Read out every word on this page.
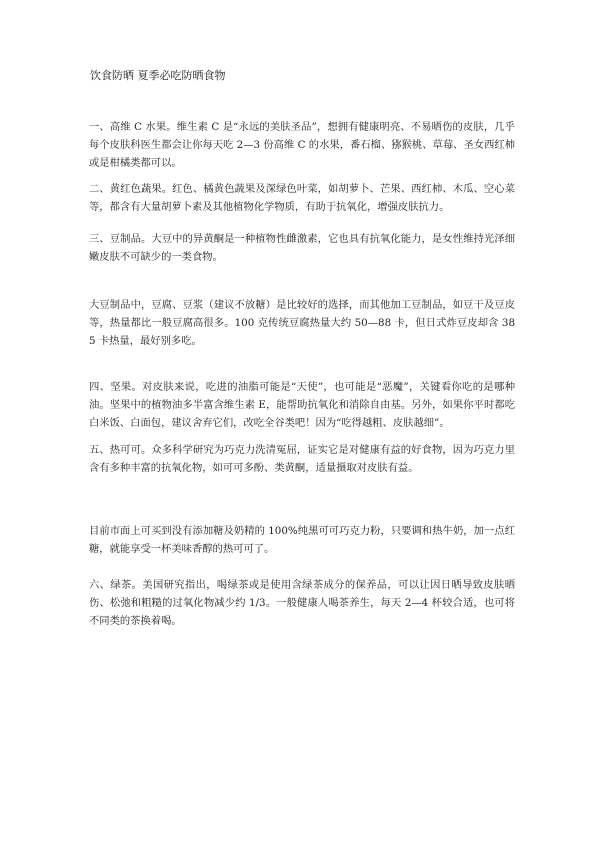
饮食防晒 夏季必吃防晒食物

一、高维 C 水果。维生素 C 是“永远的美肤圣品”，想拥有健康明亮、不易晒伤的皮肤，几乎每个皮肤科医生都会让你每天吃 2—3 份高维 C 的水果，番石榴、猕猴桃、草莓、圣女西红柿或是柑橘类都可以。

二、黄红色蔬果。红色、橘黄色蔬果及深绿色叶菜，如胡萝卜、芒果、西红柿、木瓜、空心菜等，都含有大量胡萝卜素及其他植物化学物质，有助于抗氧化，增强皮肤抗力。

三、豆制品。大豆中的异黄酮是一种植物性雌激素，它也具有抗氧化能力，是女性维持光泽细嫩皮肤不可缺少的一类食物。

大豆制品中，豆腐、豆浆（建议不放糖）是比较好的选择，而其他加工豆制品，如豆干及豆皮等，热量都比一般豆腐高很多。100 克传统豆腐热量大约 50—88 卡，但日式炸豆皮却含 385 卡热量，最好别多吃。

四、坚果。对皮肤来说，吃进的油脂可能是“天使”，也可能是“恶魔”，关键看你吃的是哪种油。坚果中的植物油多半富含维生素 E，能帮助抗氧化和消除自由基。另外，如果你平时都吃白米饭、白面包，建议舍弃它们，改吃全谷类吧！因为“吃得越粗、皮肤越细”。

五、热可可。众多科学研究为巧克力洗清冤屈，证实它是对健康有益的好食物，因为巧克力里含有多种丰富的抗氧化物，如可可多酚、类黄酮，适量摄取对皮肤有益。

目前市面上可买到没有添加糖及奶精的 100%纯黑可可巧克力粉，只要调和热牛奶，加一点红糖，就能享受一杯美味香醇的热可可了。

六、绿茶。美国研究指出，喝绿茶或是使用含绿茶成分的保养品，可以让因日晒导致皮肤晒伤、松弛和粗糙的过氧化物减少约 1/3。一般健康人喝茶养生，每天 2—4 杯较合适，也可将不同类的茶换着喝。
